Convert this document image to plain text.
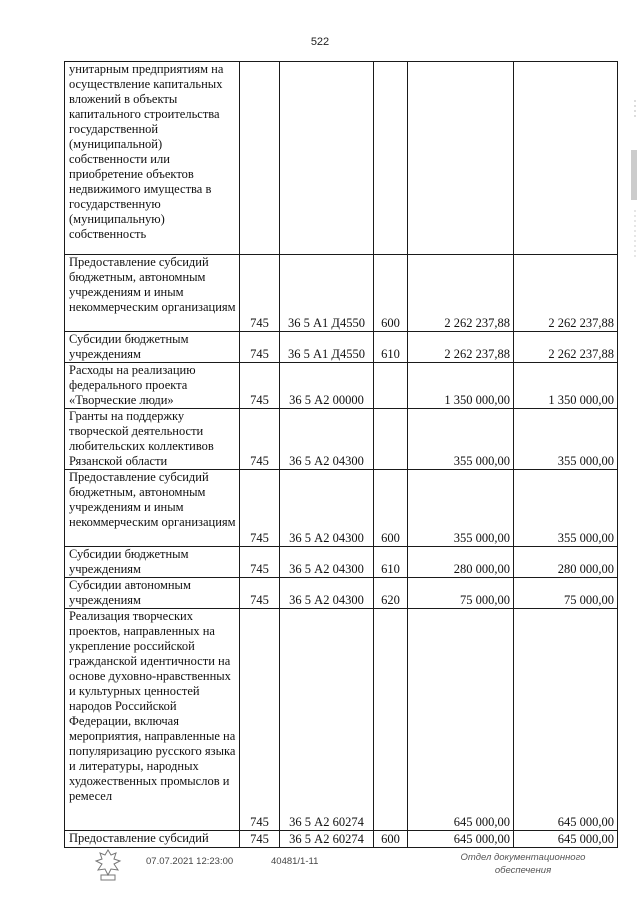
522
унитарным предприятиям на осуществление капитальных вложений в объекты капитального строительства государственной (муниципальной) собственности или приобретение объектов недвижимого имущества в государственную (муниципальную) собственность					
Предоставление субсидий бюджетным, автономным учреждениям и иным некоммерческим организациям	745	36 5 А1 Д4550	600	2 262 237,88	2 262 237,88
Субсидии бюджетным учреждениям	745	36 5 А1 Д4550	610	2 262 237,88	2 262 237,88
Расходы на реализацию федерального проекта «Творческие люди»	745	36 5 А2 00000		1 350 000,00	1 350 000,00
Гранты на поддержку творческой деятельности любительских коллективов Рязанской области	745	36 5 А2 04300		355 000,00	355 000,00
Предоставление субсидий бюджетным, автономным учреждениям и иным некоммерческим организациям	745	36 5 А2 04300	600	355 000,00	355 000,00
Субсидии бюджетным учреждениям	745	36 5 А2 04300	610	280 000,00	280 000,00
Субсидии автономным учреждениям	745	36 5 А2 04300	620	75 000,00	75 000,00
Реализация творческих проектов, направленных на укрепление российской гражданской идентичности на основе духовно-нравственных и культурных ценностей народов Российской Федерации, включая мероприятия, направленные на популяризацию русского языка и литературы, народных художественных промыслов и ремесел	745	36 5 А2 60274		645 000,00	645 000,00
Предоставление субсидий	745	36 5 А2 60274	600	645 000,00	645 000,00
07.07.2021 12:23:00	40481/1-11	Отдел документационного
обеспечения
